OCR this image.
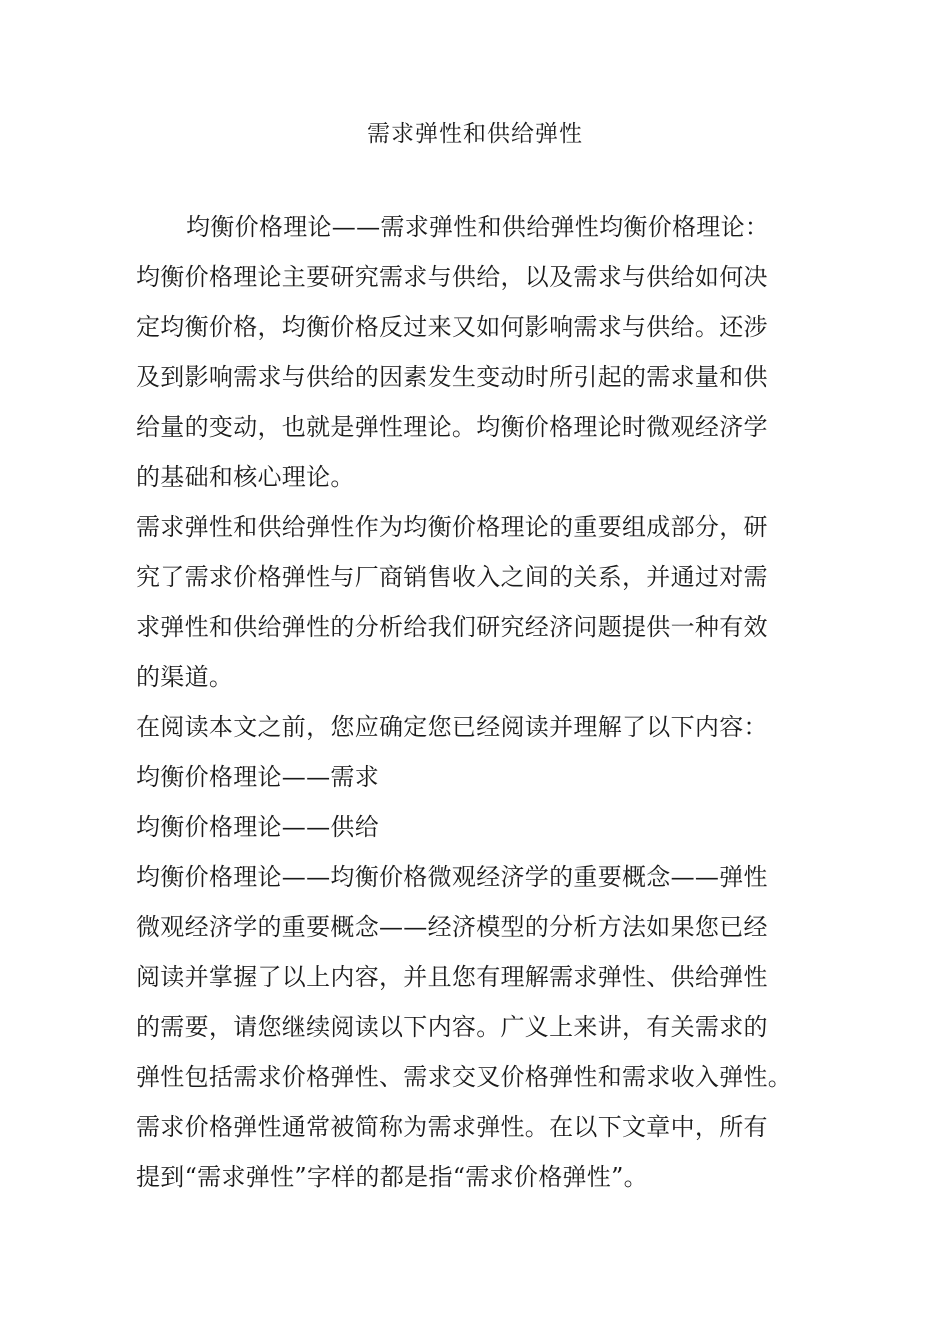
需求弹性和供给弹性
均衡价格理论——需求弹性和供给弹性均衡价格理论：
均衡价格理论主要研究需求与供给，以及需求与供给如何决
定均衡价格，均衡价格反过来又如何影响需求与供给。还涉
及到影响需求与供给的因素发生变动时所引起的需求量和供
给量的变动，也就是弹性理论。均衡价格理论时微观经济学
的基础和核心理论。
需求弹性和供给弹性作为均衡价格理论的重要组成部分，研
究了需求价格弹性与厂商销售收入之间的关系，并通过对需
求弹性和供给弹性的分析给我们研究经济问题提供一种有效
的渠道。
在阅读本文之前，您应确定您已经阅读并理解了以下内容：
均衡价格理论——需求
均衡价格理论——供给
均衡价格理论——均衡价格微观经济学的重要概念——弹性
微观经济学的重要概念——经济模型的分析方法如果您已经
阅读并掌握了以上内容，并且您有理解需求弹性、供给弹性
的需要，请您继续阅读以下内容。广义上来讲，有关需求的
弹性包括需求价格弹性、需求交叉价格弹性和需求收入弹性。
需求价格弹性通常被简称为需求弹性。在以下文章中，所有
提到“需求弹性”字样的都是指“需求价格弹性”。
